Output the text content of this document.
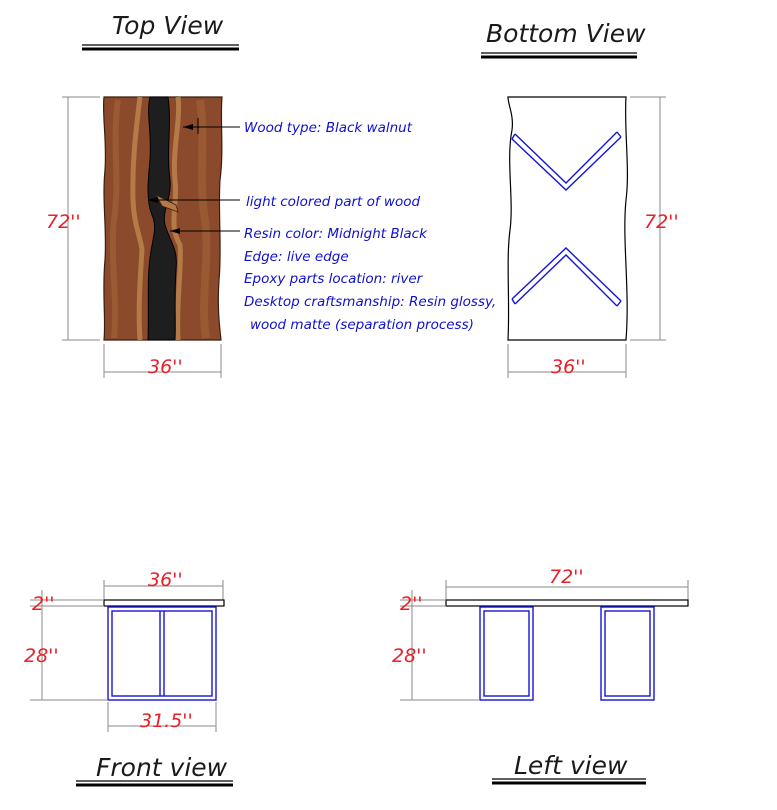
Top View
72''
36''
Wood type: Black walnut
light colored part of wood
Resin color: Midnight Black
Edge: live edge
Epoxy parts location: river
Desktop craftsmanship: Resin glossy,
wood matte (separation process)
Bottom View
72''
36''
36''
2''
28''
31.5''
Front view
72''
2''
28''
Left view
